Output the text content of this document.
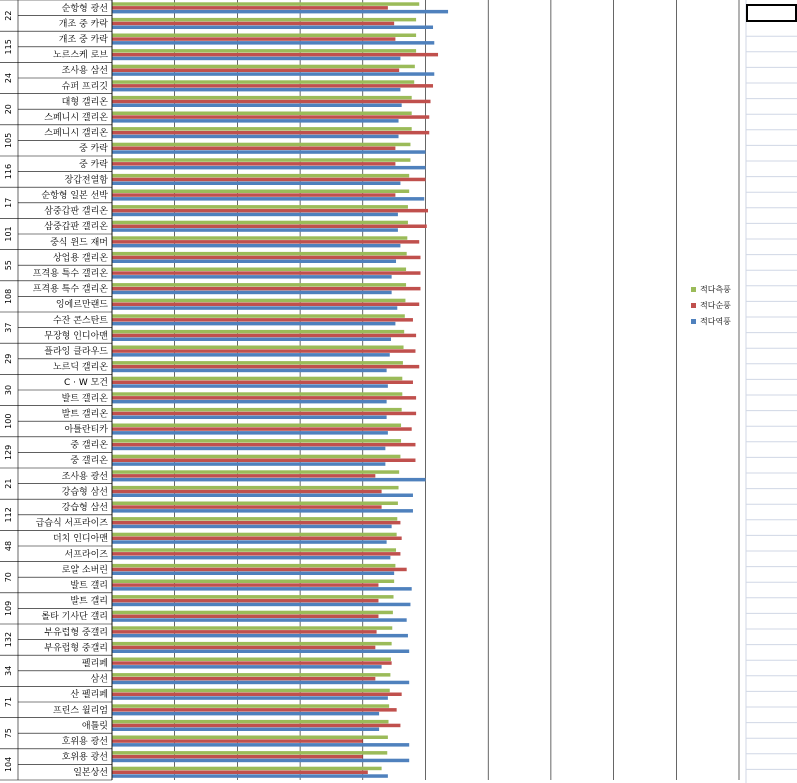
순항형 광선
개조 중 카락
개조 중 카락
노르스케 로브
조사용 삼선
슈퍼 프리깃
대형 갤리온
스페니시 갤리온
스페니시 갤리온
중 카락
중 카락
장갑전열함
순항형 일본 선박
삼중갑판 갤리온
삼중갑판 갤리온
중식 윈드 재머
상업용 갤리온
프격용 특수 갤리온
프격용 특수 갤리온
잉에르만랜드
수잔 콘스탄트
무장형 인디아맨
플라잉 클라우드
노르딕 갤리온
C · W 모건
발트 갤리온
발트 갤리온
아틀란티카
중 갤리온
중 갤리온
조사용 광선
강습형 삼선
강습형 삼선
급습식 서프라이즈
더치 인디아맨
서프라이즈
로얄 소버린
발트 갤리
발트 갤리
롤타 기사단 갤리
부유럽형 중갤리
부유럽형 중갤리
펠리페
삼선
산 펠리페
프린스 윌리엄
애틀릿
호위용 광선
호위용 광선
일본상선
22
115
24
20
105
116
17
101
55
108
37
29
30
100
129
21
112
48
70
109
132
34
71
75
104
적다측풍
적다순풍
적다역풍
